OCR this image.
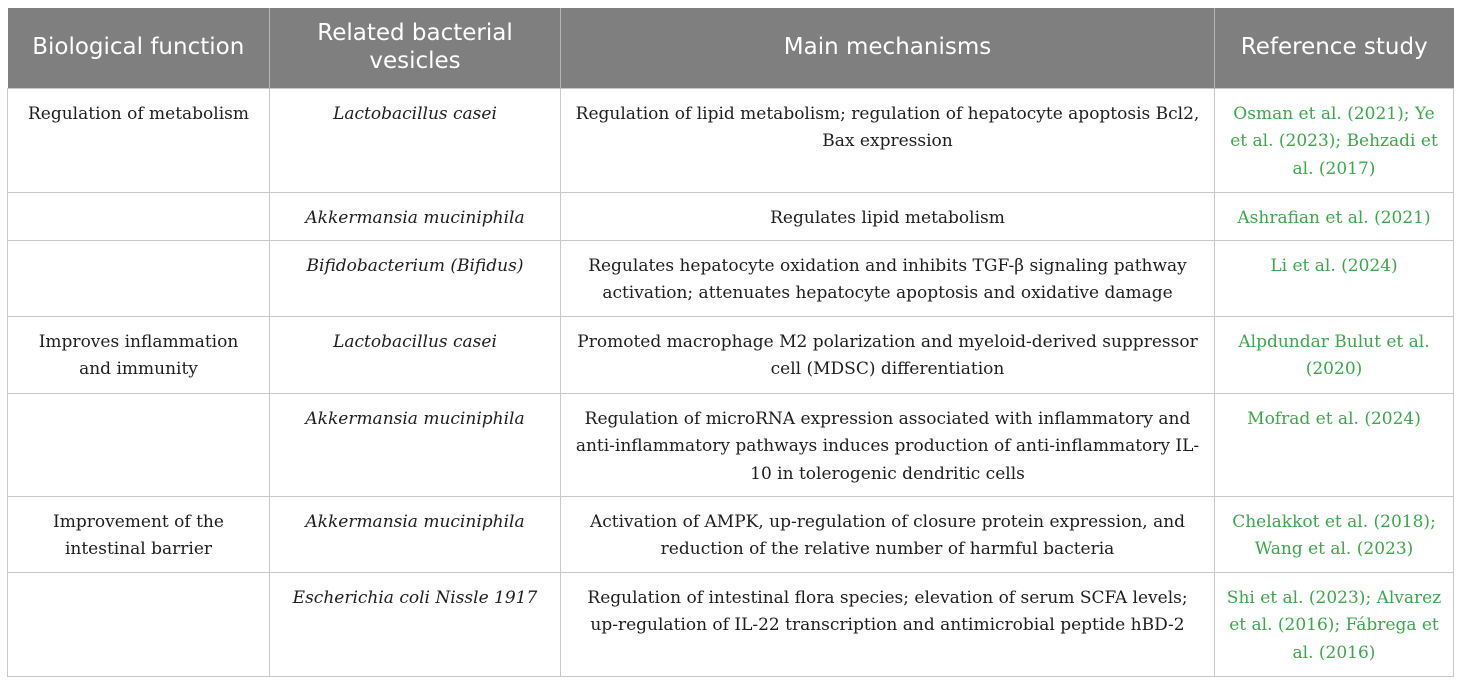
Biological function	Related bacterial vesicles	Main mechanisms	Reference study
Regulation of metabolism	Lactobacillus casei	Regulation of lipid metabolism; regulation of hepatocyte apoptosis Bcl2, Bax expression	Osman et al. (2021); Ye et al. (2023); Behzadi et al. (2017)
	Akkermansia muciniphila	Regulates lipid metabolism	Ashrafian et al. (2021)
	Bifidobacterium (Bifidus)	Regulates hepatocyte oxidation and inhibits TGF-β signaling pathway activation; attenuates hepatocyte apoptosis and oxidative damage	Li et al. (2024)
Improves inflammation and immunity	Lactobacillus casei	Promoted macrophage M2 polarization and myeloid-derived suppressor cell (MDSC) differentiation	Alpdundar Bulut et al. (2020)
	Akkermansia muciniphila	Regulation of microRNA expression associated with inflammatory and anti-inflammatory pathways induces production of anti-inflammatory IL-10 in tolerogenic dendritic cells	Mofrad et al. (2024)
Improvement of the intestinal barrier	Akkermansia muciniphila	Activation of AMPK, up-regulation of closure protein expression, and reduction of the relative number of harmful bacteria	Chelakkot et al. (2018); Wang et al. (2023)
	Escherichia coli Nissle 1917	Regulation of intestinal flora species; elevation of serum SCFA levels; up-regulation of IL-22 transcription and antimicrobial peptide hBD-2	Shi et al. (2023); Alvarez et al. (2016); Fábrega et al. (2016)
